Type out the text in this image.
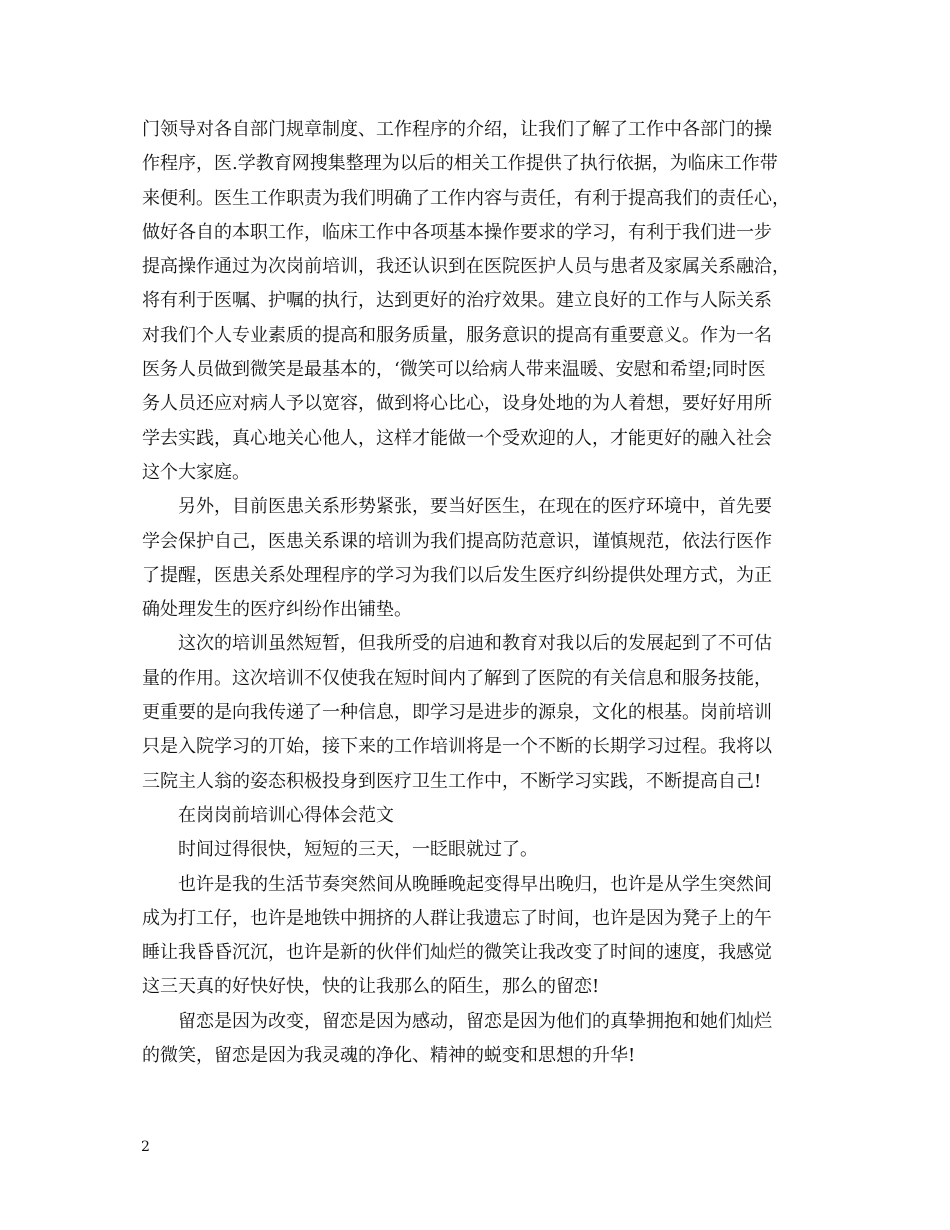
门领导对各自部门规章制度、工作程序的介绍，让我们了解了工作中各部门的操
作程序，医.学教育网搜集整理为以后的相关工作提供了执行依据，为临床工作带
来便利。医生工作职责为我们明确了工作内容与责任，有利于提高我们的责任心，
做好各自的本职工作，临床工作中各项基本操作要求的学习，有利于我们进一步
提高操作通过为次岗前培训，我还认识到在医院医护人员与患者及家属关系融洽，
将有利于医嘱、护嘱的执行，达到更好的治疗效果。建立良好的工作与人际关系
对我们个人专业素质的提高和服务质量，服务意识的提高有重要意义。作为一名
医务人员做到微笑是最基本的，‘微笑可以给病人带来温暖、安慰和希望;同时医
务人员还应对病人予以宽容，做到将心比心，设身处地的为人着想，要好好用所
学去实践，真心地关心他人，这样才能做一个受欢迎的人，才能更好的融入社会
这个大家庭。
另外，目前医患关系形势紧张，要当好医生，在现在的医疗环境中，首先要
学会保护自己，医患关系课的培训为我们提高防范意识，谨慎规范，依法行医作
了提醒，医患关系处理程序的学习为我们以后发生医疗纠纷提供处理方式，为正
确处理发生的医疗纠纷作出铺垫。
这次的培训虽然短暂，但我所受的启迪和教育对我以后的发展起到了不可估
量的作用。这次培训不仅使我在短时间内了解到了医院的有关信息和服务技能，
更重要的是向我传递了一种信息，即学习是进步的源泉，文化的根基。岗前培训
只是入院学习的丌始，接下来的工作培训将是一个不断的长期学习过程。我将以
三院主人翁的姿态积极投身到医疗卫生工作中，不断学习实践，不断提高自己!
在岗岗前培训心得体会范文
时间过得很快，短短的三天，一眨眼就过了。
也许是我的生活节奏突然间从晚睡晚起变得早出晚归，也许是从学生突然间
成为打工仔，也许是地铁中拥挤的人群让我遗忘了时间，也许是因为凳子上的午
睡让我昏昏沉沉，也许是新的伙伴们灿烂的微笑让我改变了时间的速度，我感觉
这三天真的好快好快，快的让我那么的陌生，那么的留恋!
留恋是因为改变，留恋是因为感动，留恋是因为他们的真挚拥抱和她们灿烂
的微笑，留恋是因为我灵魂的净化、精神的蜕变和思想的升华!
2
